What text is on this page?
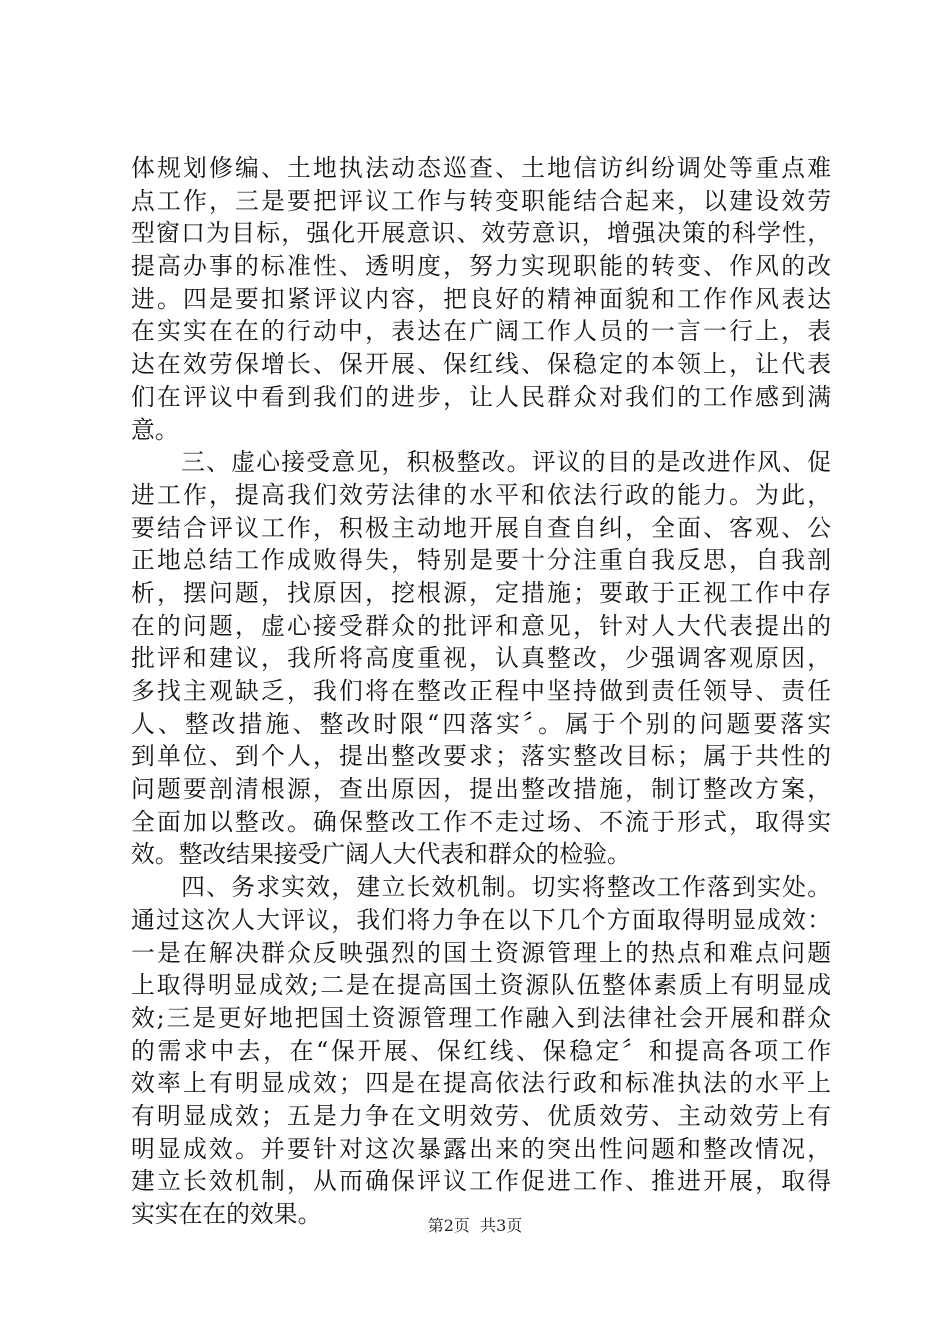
体规划修编、土地执法动态巡查、土地信访纠纷调处等重点难
点工作，三是要把评议工作与转变职能结合起来，以建设效劳
型窗口为目标，强化开展意识、效劳意识，增强决策的科学性，
提高办事的标准性、透明度，努力实现职能的转变、作风的改
进。四是要扣紧评议内容，把良好的精神面貌和工作作风表达
在实实在在的行动中，表达在广阔工作人员的一言一行上，表
达在效劳保增长、保开展、保红线、保稳定的本领上，让代表
们在评议中看到我们的进步，让人民群众对我们的工作感到满
意。
　　三、虚心接受意见，积极整改。评议的目的是改进作风、促
进工作，提高我们效劳法律的水平和依法行政的能力。为此，
要结合评议工作，积极主动地开展自查自纠，全面、客观、公
正地总结工作成败得失，特别是要十分注重自我反思，自我剖
析，摆问题，找原因，挖根源，定措施；要敢于正视工作中存
在的问题，虚心接受群众的批评和意见，针对人大代表提出的
批评和建议，我所将高度重视，认真整改，少强调客观原因，
多找主观缺乏，我们将在整改正程中坚持做到责任领导、责任
人、整改措施、整改时限“四落实〞。属于个别的问题要落实
到单位、到个人，提出整改要求；落实整改目标；属于共性的
问题要剖清根源，查出原因，提出整改措施，制订整改方案，
全面加以整改。确保整改工作不走过场、不流于形式，取得实
效。整改结果接受广阔人大代表和群众的检验。
　　四、务求实效，建立长效机制。切实将整改工作落到实处。
通过这次人大评议，我们将力争在以下几个方面取得明显成效：
一是在解决群众反映强烈的国土资源管理上的热点和难点问题
上取得明显成效;二是在提高国土资源队伍整体素质上有明显成
效;三是更好地把国土资源管理工作融入到法律社会开展和群众
的需求中去，在“保开展、保红线、保稳定〞和提高各项工作
效率上有明显成效；四是在提高依法行政和标准执法的水平上
有明显成效；五是力争在文明效劳、优质效劳、主动效劳上有
明显成效。并要针对这次暴露出来的突出性问题和整改情况，
建立长效机制，从而确保评议工作促进工作、推进开展，取得
实实在在的效果。	第2页  共3页
